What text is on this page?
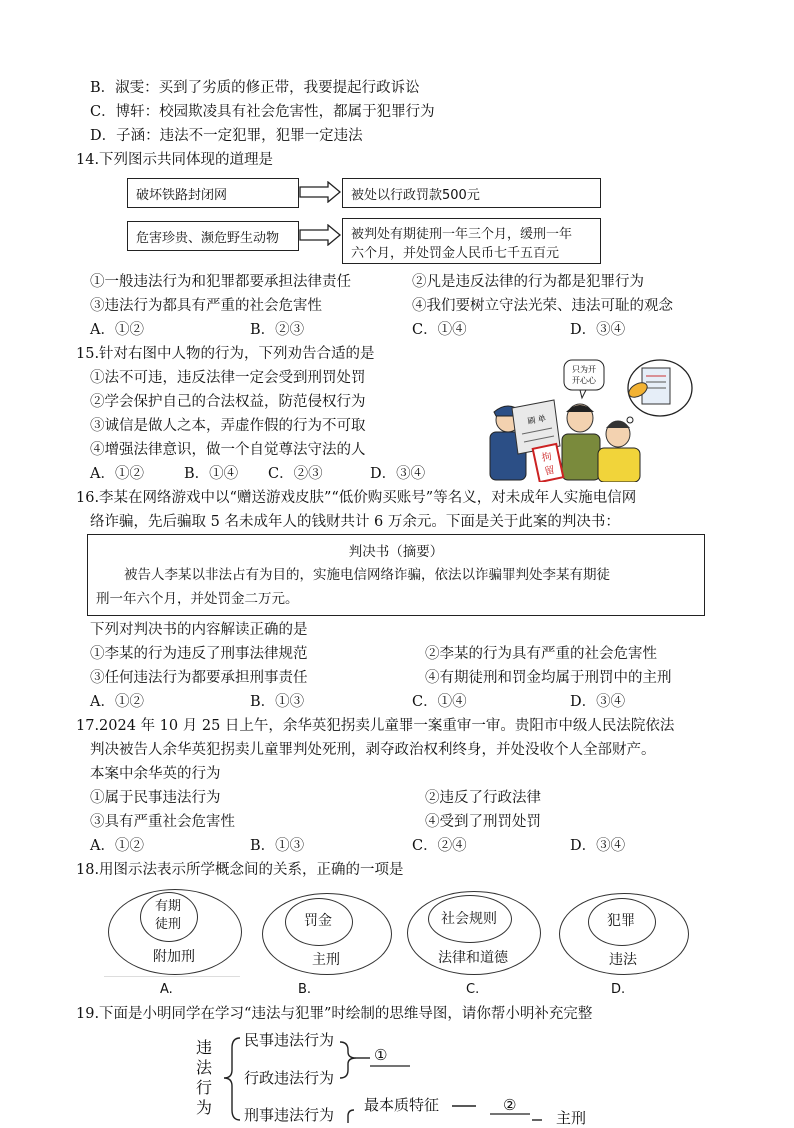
B．淑雯：买到了劣质的修正带，我要提起行政诉讼
C．博轩：校园欺凌具有社会危害性，都属于犯罪行为
D．子涵：违法不一定犯罪，犯罪一定违法
14.下列图示共同体现的道理是
破坏铁路封闭网	被处以行政罚款500元
危害珍贵、濒危野生动物	被判处有期徒刑一年三个月，缓刑一年
六个月，并处罚金人民币七千五百元
①一般违法行为和犯罪都要承担法律责任	②凡是违反法律的行为都是犯罪行为
③违法行为都具有严重的社会危害性	④我们要树立守法光荣、违法可耻的观念
A．①②	B．②③	C．①④	D．③④
15.针对右图中人物的行为，下列劝告合适的是
①法不可违，违反法律一定会受到刑罚处罚
②学会保护自己的合法权益，防范侵权行为
③诚信是做人之本，弄虚作假的行为不可取
④增强法律意识，做一个自觉尊法守法的人
A．①②	B．①④ C．②③	D．③④
只为开
开心心
刷 单
拘
留
16.李某在网络游戏中以“赠送游戏皮肤”“低价购买账号”等名义，对未成年人实施电信网
络诈骗，先后骗取 5 名未成年人的钱财共计 6 万余元。下面是关于此案的判决书：
判决书（摘要）
被告人李某以非法占有为目的，实施电信网络诈骗，依法以诈骗罪判处李某有期徒
刑一年六个月，并处罚金二万元。
下列对判决书的内容解读正确的是
①李某的行为违反了刑事法律规范	②李某的行为具有严重的社会危害性
③任何违法行为都要承担刑事责任	④有期徒刑和罚金均属于刑罚中的主刑
A．①②	B．①③	C．①④	D．③④
17.2024 年 10 月 25 日上午，余华英犯拐卖儿童罪一案重审一审。贵阳市中级人民法院依法
判决被告人余华英犯拐卖儿童罪判处死刑，剥夺政治权利终身，并处没收个人全部财产。
本案中余华英的行为
①属于民事违法行为	②违反了行政法律
③具有严重社会危害性	④受到了刑罚处罚
A．①②	B．①③	C．②④	D．③④
18.用图示法表示所学概念间的关系，正确的一项是
有期
徒刑
附加刑
A.
罚金
主刑
B.
社会规则
法律和道德
C.
犯罪
违法
D.
19.下面是小明同学在学习“违法与犯罪”时绘制的思维导图，请你帮小明补充完整
违
法
行
为
民事违法行为
行政违法行为
①
刑事违法行为
最本质特征	②
主刑
